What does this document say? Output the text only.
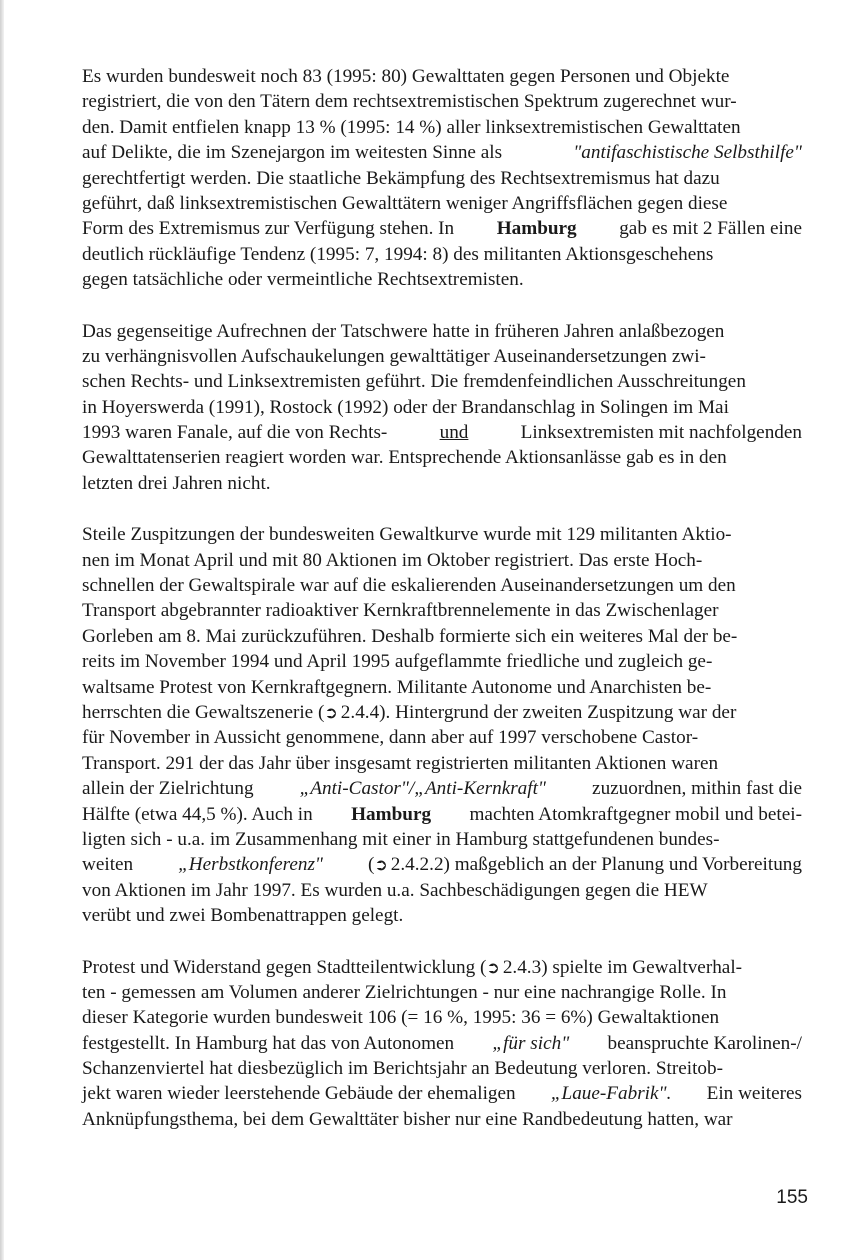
Es wurden bundesweit noch 83 (1995: 80) Gewalttaten gegen Personen und Objekte
registriert, die von den Tätern dem rechtsextremistischen Spektrum zugerechnet wur-
den. Damit entfielen knapp 13 % (1995: 14 %) aller linksextremistischen Gewalttaten
auf Delikte, die im Szenejargon im weitesten Sinne als	"antifaschistische Selbsthilfe"
gerechtfertigt werden. Die staatliche Bekämpfung des Rechtsextremismus hat dazu
geführt, daß linksextremistischen Gewalttätern weniger Angriffsflächen gegen diese
Form des Extremismus zur Verfügung stehen. In Hamburg gab es mit 2 Fällen eine
deutlich rückläufige Tendenz (1995: 7, 1994: 8) des militanten Aktionsgeschehens
gegen tatsächliche oder vermeintliche Rechtsextremisten.
Das gegenseitige Aufrechnen der Tatschwere hatte in früheren Jahren anlaßbezogen
zu verhängnisvollen Aufschaukelungen gewalttätiger Auseinandersetzungen zwi-
schen Rechts- und Linksextremisten geführt. Die fremdenfeindlichen Ausschreitungen
in Hoyerswerda (1991), Rostock (1992) oder der Brandanschlag in Solingen im Mai
1993 waren Fanale, auf die von Rechts-	und	Linksextremisten mit nachfolgenden
Gewalttatenserien reagiert worden war. Entsprechende Aktionsanlässe gab es in den
letzten drei Jahren nicht.
Steile Zuspitzungen der bundesweiten Gewaltkurve wurde mit 129 militanten Aktio-
nen im Monat April und mit 80 Aktionen im Oktober registriert. Das erste Hoch-
schnellen der Gewaltspirale war auf die eskalierenden Auseinandersetzungen um den
Transport abgebrannter radioaktiver Kernkraftbrennelemente in das Zwischenlager
Gorleben am 8. Mai zurückzuführen. Deshalb formierte sich ein weiteres Mal der be-
reits im November 1994 und April 1995 aufgeflammte friedliche und zugleich ge-
waltsame Protest von Kernkraftgegnern. Militante Autonome und Anarchisten be-
herrschten die Gewaltszenerie (➲ 2.4.4). Hintergrund der zweiten Zuspitzung war der
für November in Aussicht genommene, dann aber auf 1997 verschobene Castor-
Transport. 291 der das Jahr über insgesamt registrierten militanten Aktionen waren
allein der Zielrichtung „Anti-Castor"/„Anti-Kernkraft" zuzuordnen, mithin fast die
Hälfte (etwa 44,5 %). Auch in Hamburg machten Atomkraftgegner mobil und betei-
ligten sich - u.a. im Zusammenhang mit einer in Hamburg stattgefundenen bundes-
weiten „Herbstkonferenz" (➲ 2.4.2.2) maßgeblich an der Planung und Vorbereitung
von Aktionen im Jahr 1997. Es wurden u.a. Sachbeschädigungen gegen die HEW
verübt und zwei Bombenattrappen gelegt.
Protest und Widerstand gegen Stadtteilentwicklung (➲ 2.4.3) spielte im Gewaltverhal-
ten - gemessen am Volumen anderer Zielrichtungen - nur eine nachrangige Rolle. In
dieser Kategorie wurden bundesweit 106 (= 16 %, 1995: 36 = 6%) Gewaltaktionen
festgestellt. In Hamburg hat das von Autonomen „für sich" beanspruchte Karolinen-/
Schanzenviertel hat diesbezüglich im Berichtsjahr an Bedeutung verloren. Streitob-
jekt waren wieder leerstehende Gebäude der ehemaligen „Laue-Fabrik". Ein weiteres
Anknüpfungsthema, bei dem Gewalttäter bisher nur eine Randbedeutung hatten, war
155
